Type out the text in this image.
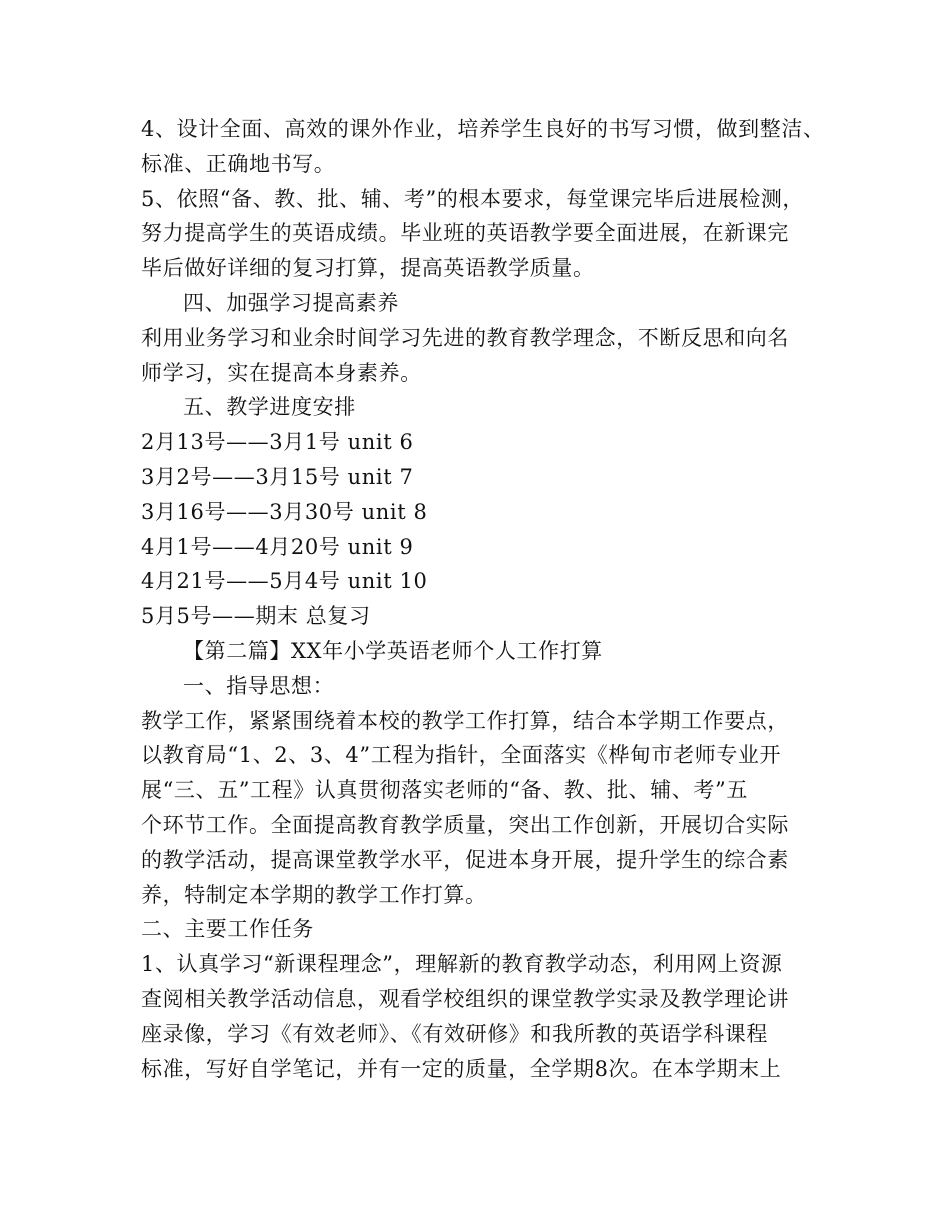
4、设计全面、高效的课外作业，培养学生良好的书写习惯，做到整洁、
标准、正确地书写。
5、依照“备、教、批、辅、考”的根本要求，每堂课完毕后进展检测，
努力提高学生的英语成绩。毕业班的英语教学要全面进展，在新课完
毕后做好详细的复习打算，提高英语教学质量。
四、加强学习提高素养
利用业务学习和业余时间学习先进的教育教学理念，不断反思和向名
师学习，实在提高本身素养。
五、教学进度安排
2月13号——3月1号 unit 6
3月2号——3月15号 unit 7
3月16号——3月30号 unit 8
4月1号——4月20号 unit 9
4月21号——5月4号 unit 10
5月5号——期末 总复习
【第二篇】XX年小学英语老师个人工作打算
一、指导思想：
教学工作，紧紧围绕着本校的教学工作打算，结合本学期工作要点，
以教育局“1、2、3、4”工程为指针，全面落实《桦甸市老师专业开
展“三、五”工程》认真贯彻落实老师的“备、教、批、辅、考”五
个环节工作。全面提高教育教学质量，突出工作创新，开展切合实际
的教学活动，提高课堂教学水平，促进本身开展，提升学生的综合素
养，特制定本学期的教学工作打算。
二、主要工作任务
1、认真学习“新课程理念”，理解新的教育教学动态，利用网上资源
查阅相关教学活动信息，观看学校组织的课堂教学实录及教学理论讲
座录像，学习《有效老师》、《有效研修》和我所教的英语学科课程
标准，写好自学笔记，并有一定的质量，全学期8次。在本学期末上
